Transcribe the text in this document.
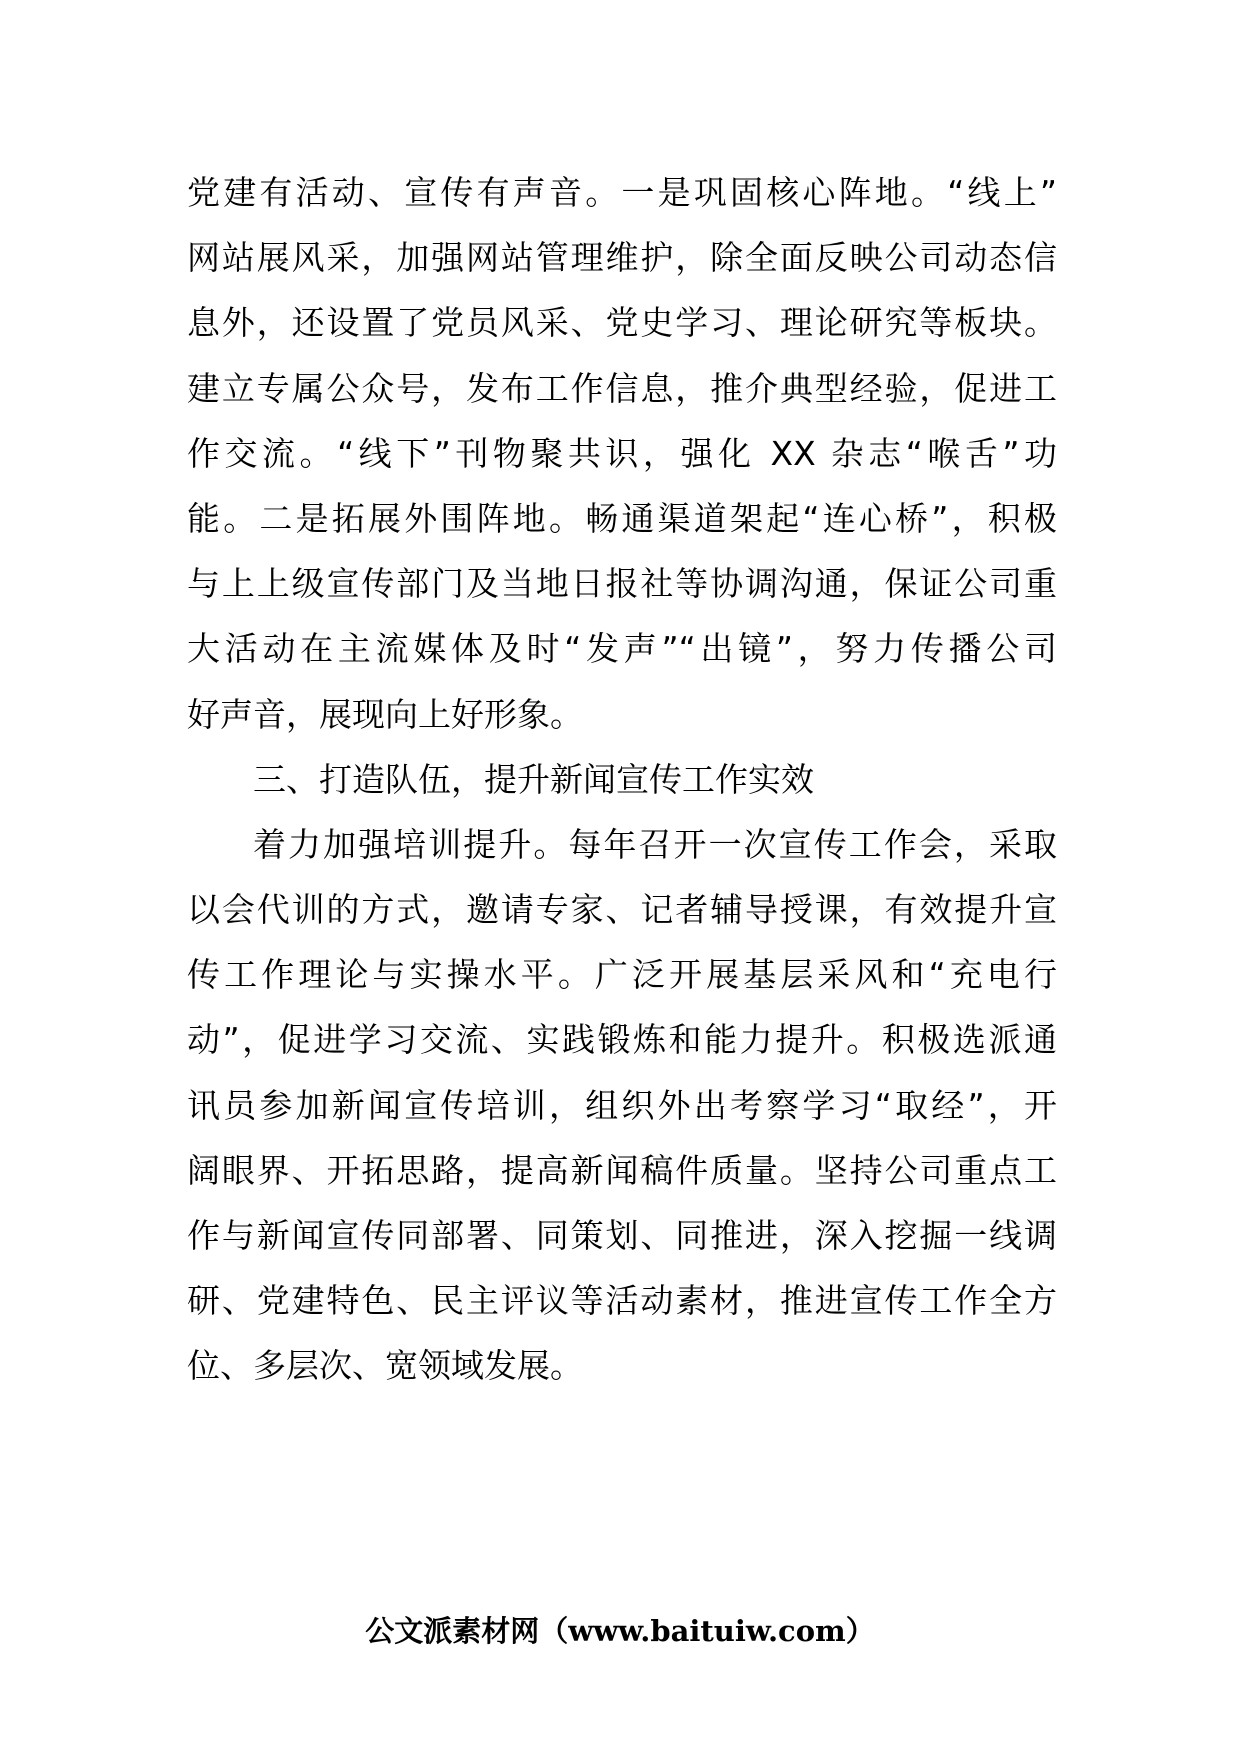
党建有活动、宣传有声音。一是巩固核心阵地。“线上”
网站展风采，加强网站管理维护，除全面反映公司动态信
息外，还设置了党员风采、党史学习、理论研究等板块。
建立专属公众号，发布工作信息，推介典型经验，促进工
作交流。“线下”刊物聚共识，强化 XX 杂志“喉舌”功
能。二是拓展外围阵地。畅通渠道架起“连心桥”，积极
与上上级宣传部门及当地日报社等协调沟通，保证公司重
大活动在主流媒体及时“发声”“出镜”，努力传播公司
好声音，展现向上好形象。
三、打造队伍，提升新闻宣传工作实效
着力加强培训提升。每年召开一次宣传工作会，采取
以会代训的方式，邀请专家、记者辅导授课，有效提升宣
传工作理论与实操水平。广泛开展基层采风和“充电行
动”，促进学习交流、实践锻炼和能力提升。积极选派通
讯员参加新闻宣传培训，组织外出考察学习“取经”，开
阔眼界、开拓思路，提高新闻稿件质量。坚持公司重点工
作与新闻宣传同部署、同策划、同推进，深入挖掘一线调
研、党建特色、民主评议等活动素材，推进宣传工作全方
位、多层次、宽领域发展。
公文派素材网（www.baituiw.com）
